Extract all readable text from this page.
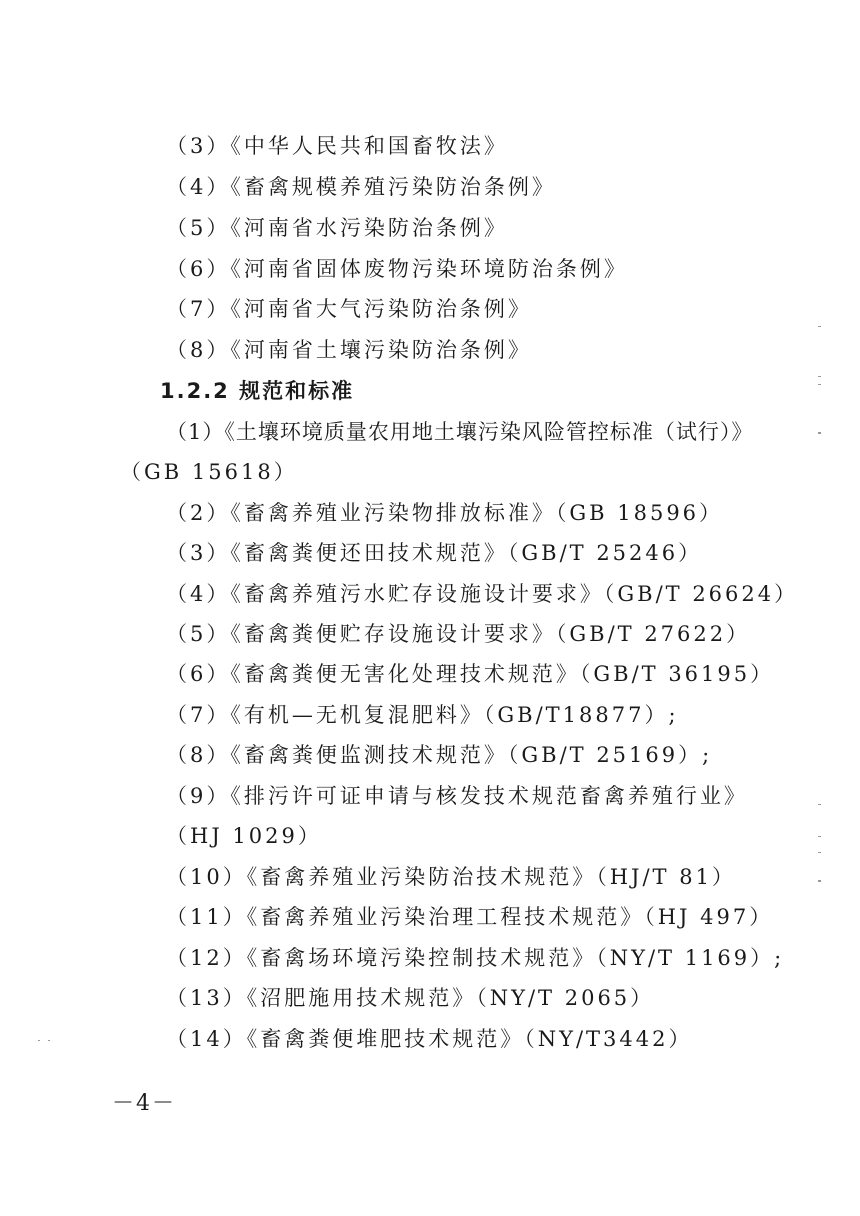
（3）《中华人民共和国畜牧法》
（4）《畜禽规模养殖污染防治条例》
（5）《河南省水污染防治条例》
（6）《河南省固体废物污染环境防治条例》
（7）《河南省大气污染防治条例》
（8）《河南省土壤污染防治条例》
1.2.2 规范和标准
（1）《土壤环境质量农用地土壤污染风险管控标准（试行）》
（GB 15618）
（2）《畜禽养殖业污染物排放标准》（GB 18596）
（3）《畜禽粪便还田技术规范》（GB/T 25246）
（4）《畜禽养殖污水贮存设施设计要求》（GB/T 26624）
（5）《畜禽粪便贮存设施设计要求》（GB/T 27622）
（6）《畜禽粪便无害化处理技术规范》（GB/T 36195）
（7）《有机—无机复混肥料》（GB/T18877）;
（8）《畜禽粪便监测技术规范》（GB/T 25169）;
（9）《排污许可证申请与核发技术规范畜禽养殖行业》
（HJ 1029）
（10）《畜禽养殖业污染防治技术规范》（HJ/T 81）
（11）《畜禽养殖业污染治理工程技术规范》（HJ 497）
（12）《畜禽场环境污染控制技术规范》（NY/T 1169）;
（13）《沼肥施用技术规范》（NY/T 2065）
（14）《畜禽粪便堆肥技术规范》（NY/T3442）
－4－
